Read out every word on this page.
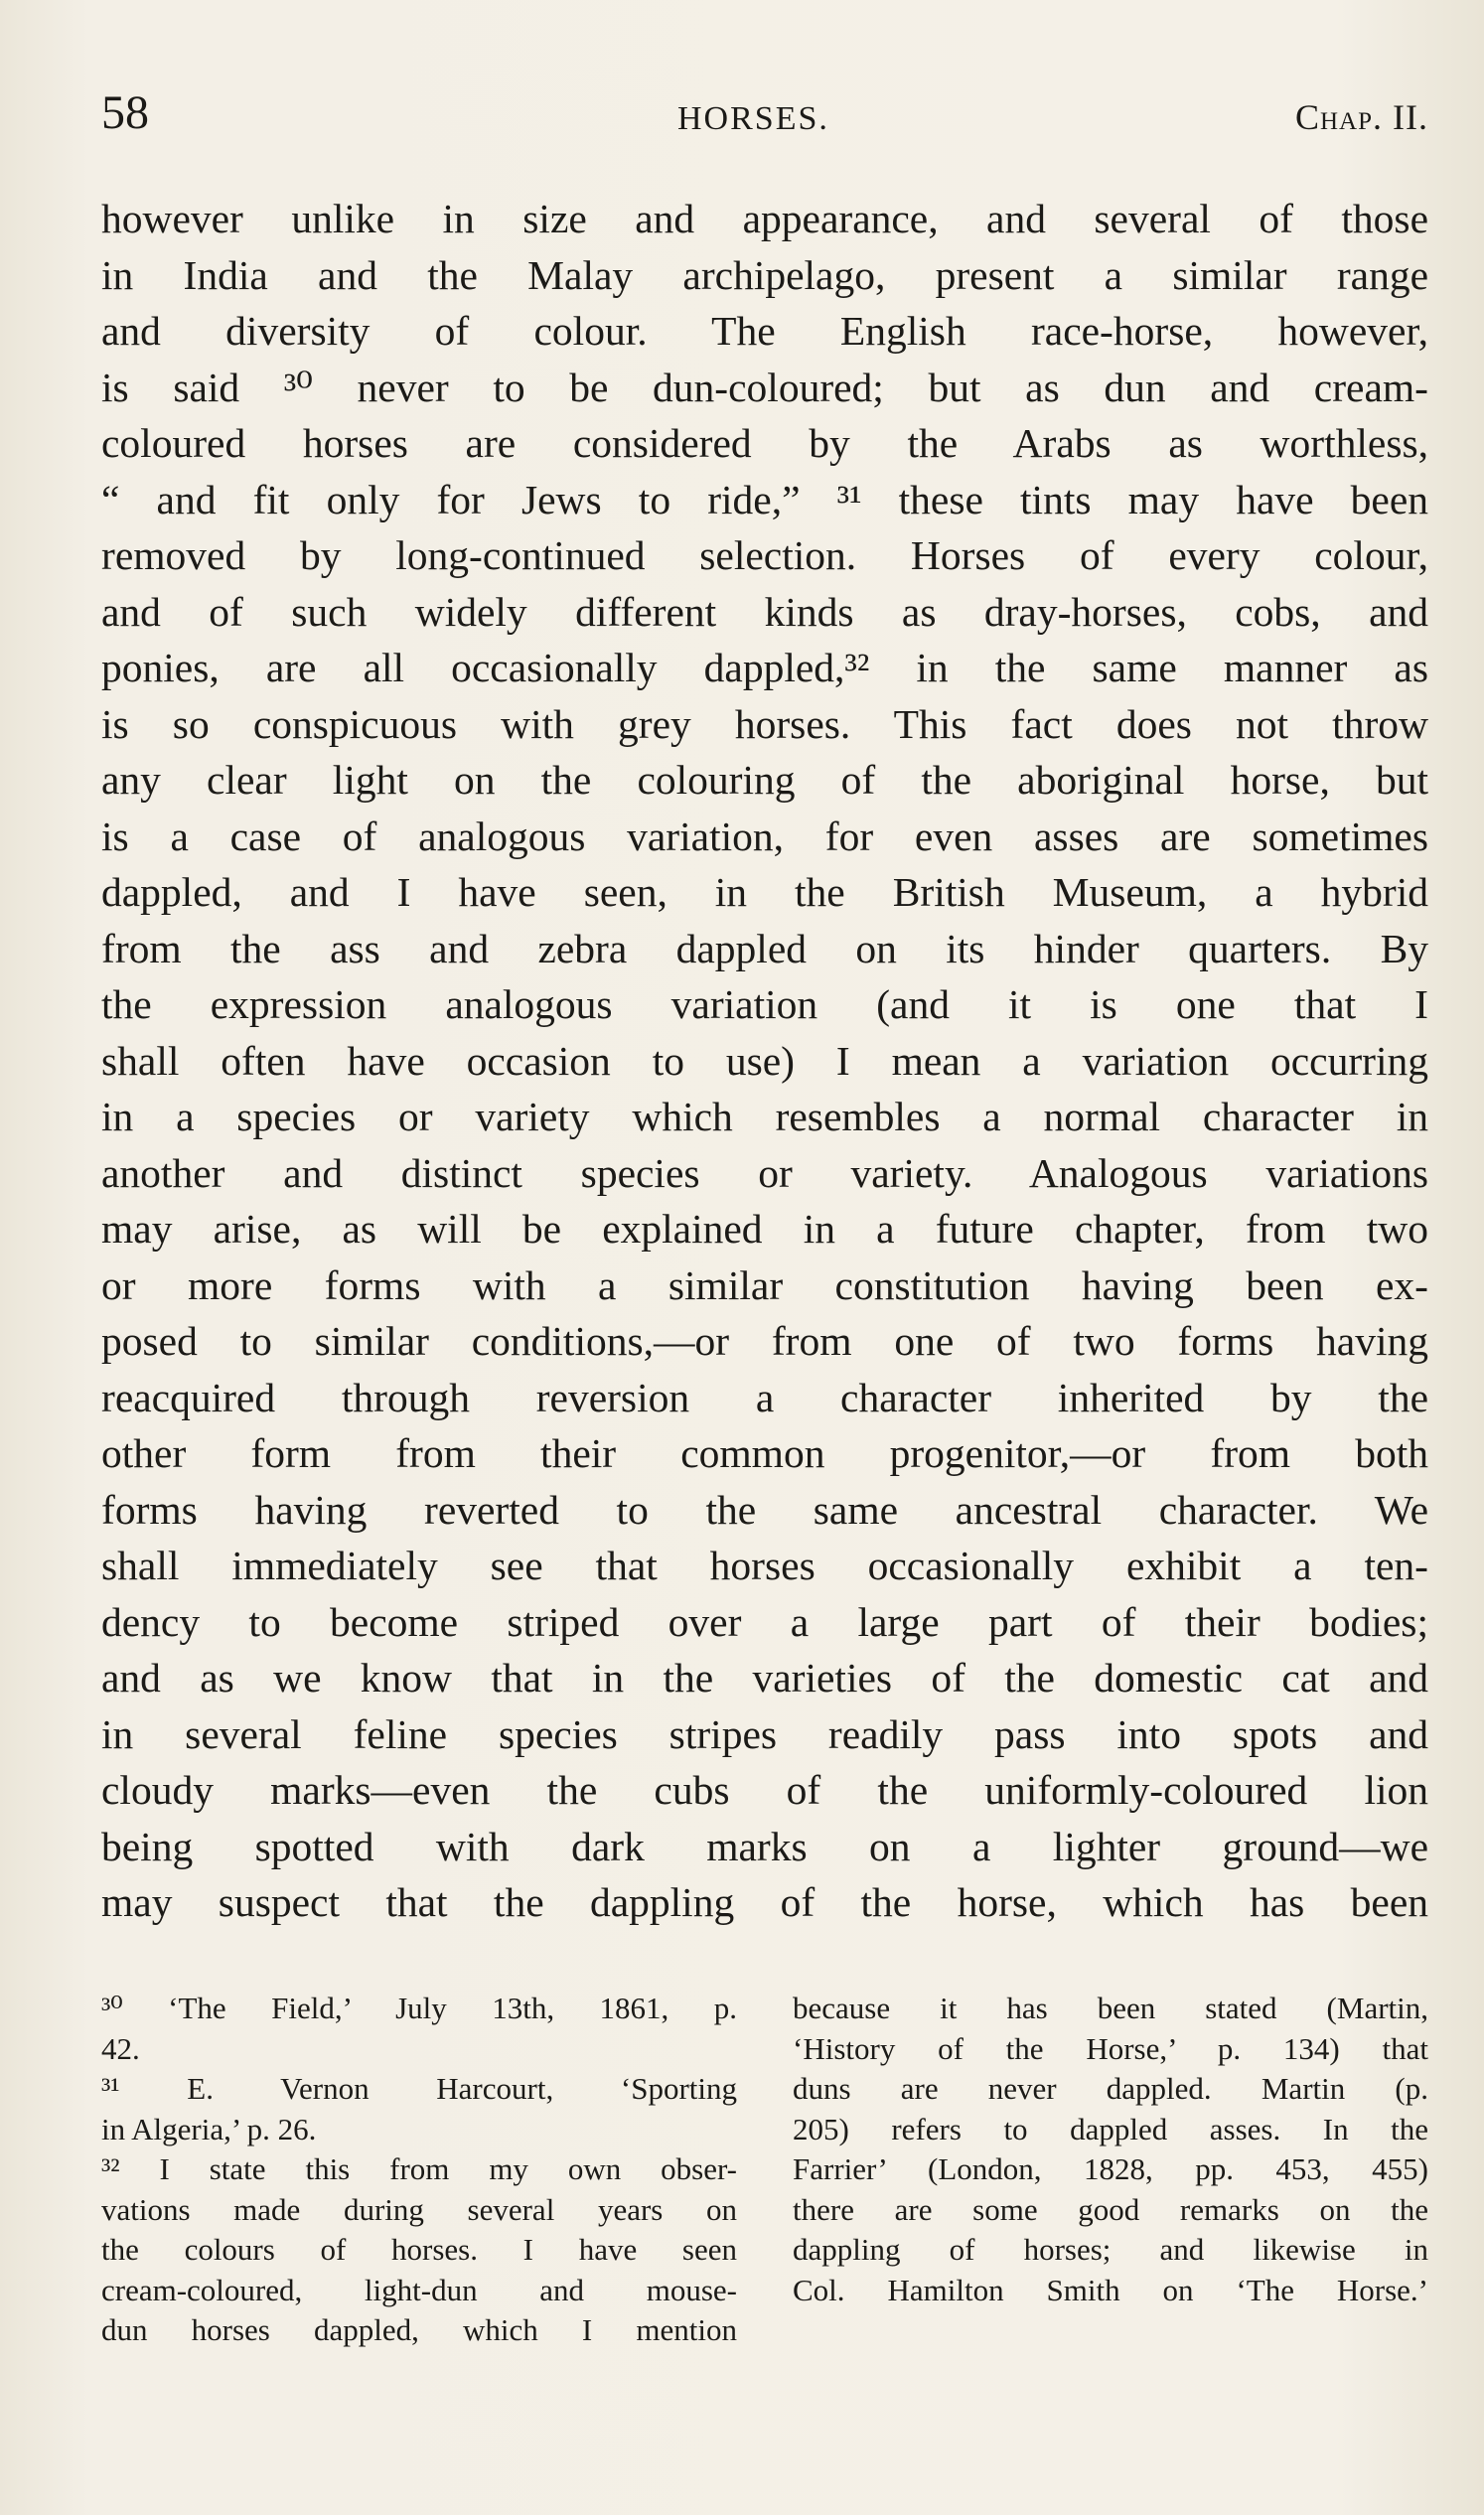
58	HORSES.	Chap. II.
however unlike in size and appearance, and several of those
in India and the Malay archipelago, present a similar range
and diversity of colour. The English race-horse, however,
is said ³⁰ never to be dun-coloured; but as dun and cream-
coloured horses are considered by the Arabs as worthless,
“ and fit only for Jews to ride,” ³¹ these tints may have been
removed by long-continued selection. Horses of every colour,
and of such widely different kinds as dray-horses, cobs, and
ponies, are all occasionally dappled,³² in the same manner as
is so conspicuous with grey horses. This fact does not throw
any clear light on the colouring of the aboriginal horse, but
is a case of analogous variation, for even asses are sometimes
dappled, and I have seen, in the British Museum, a hybrid
from the ass and zebra dappled on its hinder quarters. By
the expression analogous variation (and it is one that I
shall often have occasion to use) I mean a variation occurring
in a species or variety which resembles a normal character in
another and distinct species or variety. Analogous variations
may arise, as will be explained in a future chapter, from two
or more forms with a similar constitution having been ex-
posed to similar conditions,—or from one of two forms having
reacquired through reversion a character inherited by the
other form from their common progenitor,—or from both
forms having reverted to the same ancestral character. We
shall immediately see that horses occasionally exhibit a ten-
dency to become striped over a large part of their bodies;
and as we know that in the varieties of the domestic cat and
in several feline species stripes readily pass into spots and
cloudy marks—even the cubs of the uniformly-coloured lion
being spotted with dark marks on a lighter ground—we
may suspect that the dappling of the horse, which has been
³⁰ ‘The Field,’ July 13th, 1861, p.
42.
³¹ E. Vernon Harcourt, ‘Sporting
in Algeria,’ p. 26.
³² I state this from my own obser-
vations made during several years on
the colours of horses. I have seen
cream-coloured, light-dun and mouse-
dun horses dappled, which I mention
because it has been stated (Martin,
‘History of the Horse,’ p. 134) that
duns are never dappled. Martin (p.
205) refers to dappled asses. In the
Farrier’ (London, 1828, pp. 453, 455)
there are some good remarks on the
dappling of horses; and likewise in
Col. Hamilton Smith on ‘The Horse.’
